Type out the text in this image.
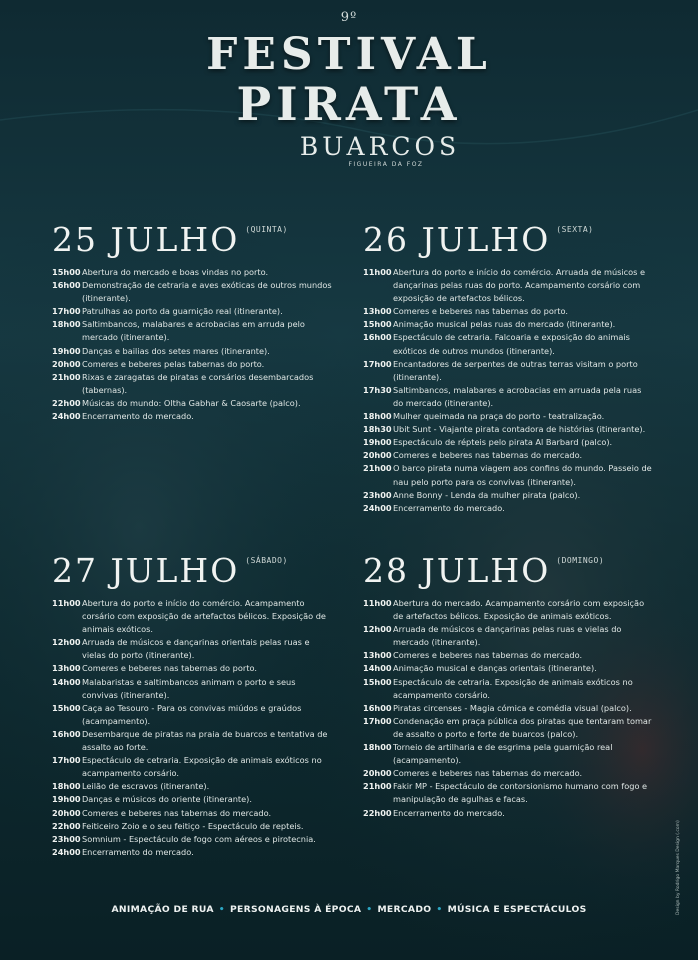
9º
FESTIVAL
PIRATA
BUARCOS
FIGUEIRA DA FOZ
25 JULHO (QUINTA)
15h00 Abertura do mercado e boas vindas no porto.
16h00 Demonstração de cetraria e aves exóticas de outros mundos (itinerante).
17h00 Patrulhas ao porto da guarnição real (itinerante).
18h00 Saltimbancos, malabares e acrobacias em arruda pelo mercado (itinerante).
19h00 Danças e bailias dos setes mares (itinerante).
20h00 Comeres e beberes pelas tabernas do porto.
21h00 Rixas e zaragatas de piratas e corsários desembarcados (tabernas).
22h00 Músicas do mundo: Oltha Gabhar & Caosarte (palco).
24h00 Encerramento do mercado.
26 JULHO (SEXTA)
11h00 Abertura do porto e início do comércio. Arruada de músicos e dançarinas pelas ruas do porto. Acampamento corsário com exposição de artefactos bélicos.
13h00 Comeres e beberes nas tabernas do porto.
15h00 Animação musical pelas ruas do mercado (itinerante).
16h00 Espectáculo de cetraria. Falcoaria e exposição do animais exóticos de outros mundos (itinerante).
17h00 Encantadores de serpentes de outras terras visitam o porto (itinerante).
17h30 Saltimbancos, malabares e acrobacias em arruada pela ruas do mercado (itinerante).
18h00 Mulher queimada na praça do porto - teatralização.
18h30 Ubit Sunt - Viajante pirata contadora de histórias (itinerante).
19h00 Espectáculo de répteis pelo pirata Al Barbard (palco).
20h00 Comeres e beberes nas tabernas do mercado.
21h00 O barco pirata numa viagem aos confins do mundo. Passeio de nau pelo porto para os convivas (itinerante).
23h00 Anne Bonny - Lenda da mulher pirata (palco).
24h00 Encerramento do mercado.
27 JULHO (SÁBADO)
11h00 Abertura do porto e início do comércio. Acampamento corsário com exposição de artefactos bélicos. Exposição de animais exóticos.
12h00 Arruada de músicos e dançarinas orientais pelas ruas e vielas do porto (itinerante).
13h00 Comeres e beberes nas tabernas do porto.
14h00 Malabaristas e saltimbancos animam o porto e seus convivas (itinerante).
15h00 Caça ao Tesouro - Para os convivas miúdos e graúdos (acampamento).
16h00 Desembarque de piratas na praia de buarcos e tentativa de assalto ao forte.
17h00 Espectáculo de cetraria. Exposição de animais exóticos no acampamento corsário.
18h00 Leilão de escravos (itinerante).
19h00 Danças e músicos do oriente (itinerante).
20h00 Comeres e beberes nas tabernas do mercado.
22h00 Feiticeiro Zoio e o seu feitiço - Espectáculo de repteis.
23h00 Somnium - Espectáculo de fogo com aéreos e pirotecnia.
24h00 Encerramento do mercado.
28 JULHO (DOMINGO)
11h00 Abertura do mercado. Acampamento corsário com exposição de artefactos bélicos. Exposição de animais exóticos.
12h00 Arruada de músicos e dançarinas pelas ruas e vielas do mercado (itinerante).
13h00 Comeres e beberes nas tabernas do mercado.
14h00 Animação musical e danças orientais (itinerante).
15h00 Espectáculo de cetraria. Exposição de animais exóticos no acampamento corsário.
16h00 Piratas circenses - Magia cómica e comédia visual (palco).
17h00 Condenação em praça pública dos piratas que tentaram tomar de assalto o porto e forte de buarcos (palco).
18h00 Torneio de artilharia e de esgrima pela guarnição real (acampamento).
20h00 Comeres e beberes nas tabernas do mercado.
21h00 Fakir MP - Espectáculo de contorsionismo humano com fogo e manipulação de agulhas e facas.
22h00 Encerramento do mercado.
ANIMAÇÃO DE RUA • PERSONAGENS À ÉPOCA • MERCADO • MÚSICA E ESPECTÁCULOS	Design by Rodrigo Marques Design (.com)
